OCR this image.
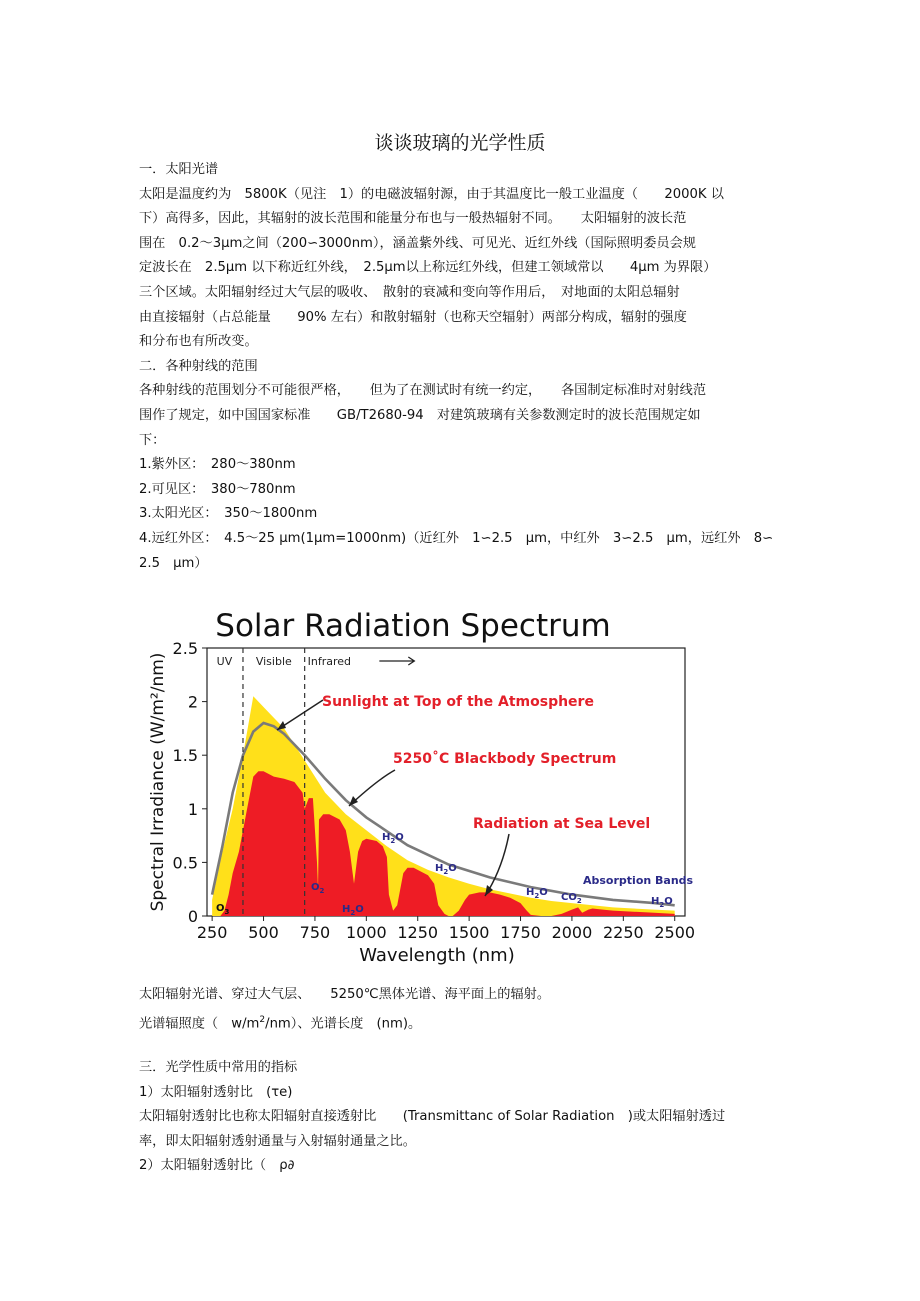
谈谈玻璃的光学性质

一．太阳光谱

太阳是温度约为　5800K（见注　1）的电磁波辐射源，由于其温度比一般工业温度（　　2000K 以

下）高得多，因此，其辐射的波长范围和能量分布也与一般热辐射不同。　　太阳辐射的波长范

围在　0.2～3μm之间（200∽3000nm），涵盖紫外线、可见光、近红外线（国际照明委员会规

定波长在　2.5μm 以下称近红外线，　2.5μm以上称远红外线，但建工领域常以　　4μm 为界限）

三个区域。太阳辐射经过大气层的吸收、　散射的衰减和变向等作用后，　对地面的太阳总辐射

由直接辐射（占总能量　　90% 左右）和散射辐射（也称天空辐射）两部分构成，辐射的强度

和分布也有所改变。

二．各种射线的范围

各种射线的范围划分不可能很严格，　　但为了在测试时有统一约定，　　各国制定标准时对射线范

围作了规定，如中国国家标准　　GB/T2680-94　对建筑玻璃有关参数测定时的波长范围规定如

下：

1.紫外区：　280～380nm

2.可见区：　380～780nm

3.太阳光区：　350～1800nm

4.远红外区：　4.5～25 μm(1μm=1000nm)（近红外　1∽2.5　μm，中红外　3∽2.5　μm，远红外　8∽

2.5　μm）

Solar Radiation Spectrum
UV Visible Infrared
0
0.5
1
1.5
2
2.5
250 500 750 1000 1250 1500 1750 2000 2250 2500
Sunlight at Top of the Atmosphere
5250˚C Blackbody Spectrum
Radiation at Sea Level
Absorption Bands
$O_3$
$O_2$
$H_2O$
$H_2O$
$H_2O$
$H_2O$ $CO_2$	$H_2O$
Spectral Irradiance (W/m²/nm)
Wavelength (nm)

太阳辐射光谱、穿过大气层、　　5250℃黑体光谱、海平面上的辐射。

光谱辐照度（　$w/m^2/nm$）、光谱长度　(nm)。

三．光学性质中常用的指标

1）太阳辐射透射比　(τe)

太阳辐射透射比也称太阳辐射直接透射比　　(Transmittanc of Solar Radiation　)或太阳辐射透过

率，即太阳辐射透射通量与入射辐射通量之比。

2）太阳辐射透射比（　ρ∂
